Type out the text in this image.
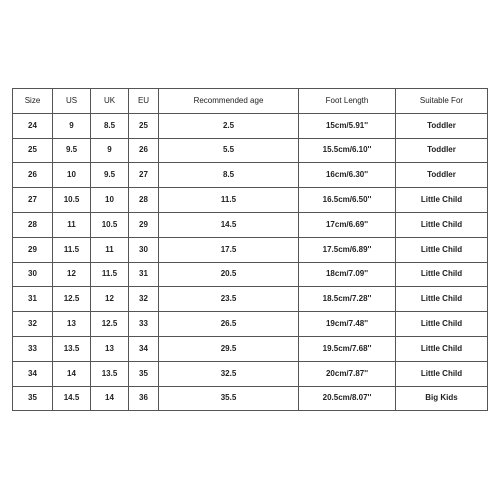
Size	US	UK	EU	Recommended age	Foot Length	Suitable For
24	9	8.5	25	2.5	15cm/5.91''	Toddler
25	9.5	9	26	5.5	15.5cm/6.10''	Toddler
26	10	9.5	27	8.5	16cm/6.30''	Toddler
27	10.5	10	28	11.5	16.5cm/6.50''	Little Child
28	11	10.5	29	14.5	17cm/6.69''	Little Child
29	11.5	11	30	17.5	17.5cm/6.89''	Little Child
30	12	11.5	31	20.5	18cm/7.09''	Little Child
31	12.5	12	32	23.5	18.5cm/7.28''	Little Child
32	13	12.5	33	26.5	19cm/7.48''	Little Child
33	13.5	13	34	29.5	19.5cm/7.68''	Little Child
34	14	13.5	35	32.5	20cm/7.87''	Little Child
35	14.5	14	36	35.5	20.5cm/8.07''	Big Kids
